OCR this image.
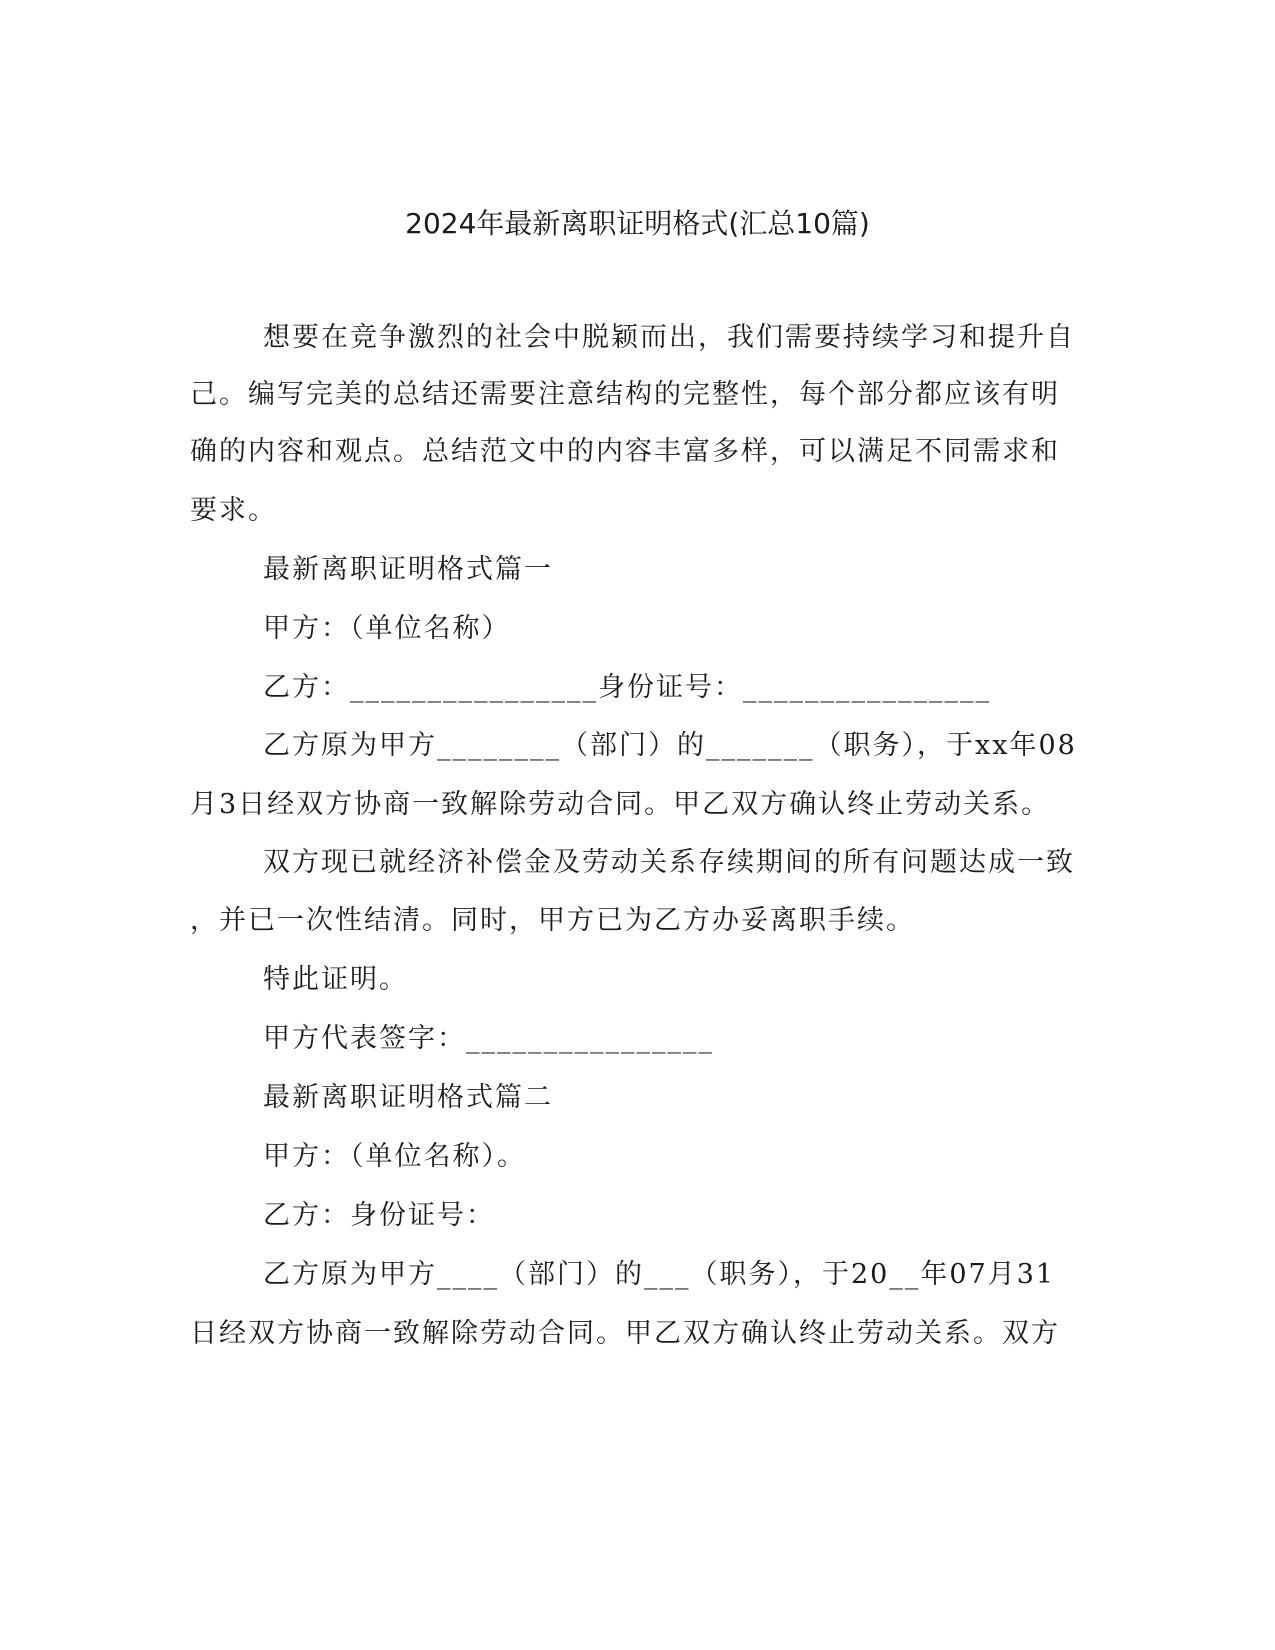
2024年最新离职证明格式(汇总10篇)
想要在竞争激烈的社会中脱颖而出，我们需要持续学习和提升自
己。编写完美的总结还需要注意结构的完整性，每个部分都应该有明
确的内容和观点。总结范文中的内容丰富多样，可以满足不同需求和
要求。
最新离职证明格式篇一
甲方：（单位名称）
乙方：________________身份证号：________________
乙方原为甲方________（部门）的_______（职务），于xx年08
月3日经双方协商一致解除劳动合同。甲乙双方确认终止劳动关系。
双方现已就经济补偿金及劳动关系存续期间的所有问题达成一致
，并已一次性结清。同时，甲方已为乙方办妥离职手续。
特此证明。
甲方代表签字：________________
最新离职证明格式篇二
甲方：（单位名称）。
乙方：身份证号：
乙方原为甲方____（部门）的___（职务），于20__年07月31
日经双方协商一致解除劳动合同。甲乙双方确认终止劳动关系。双方
